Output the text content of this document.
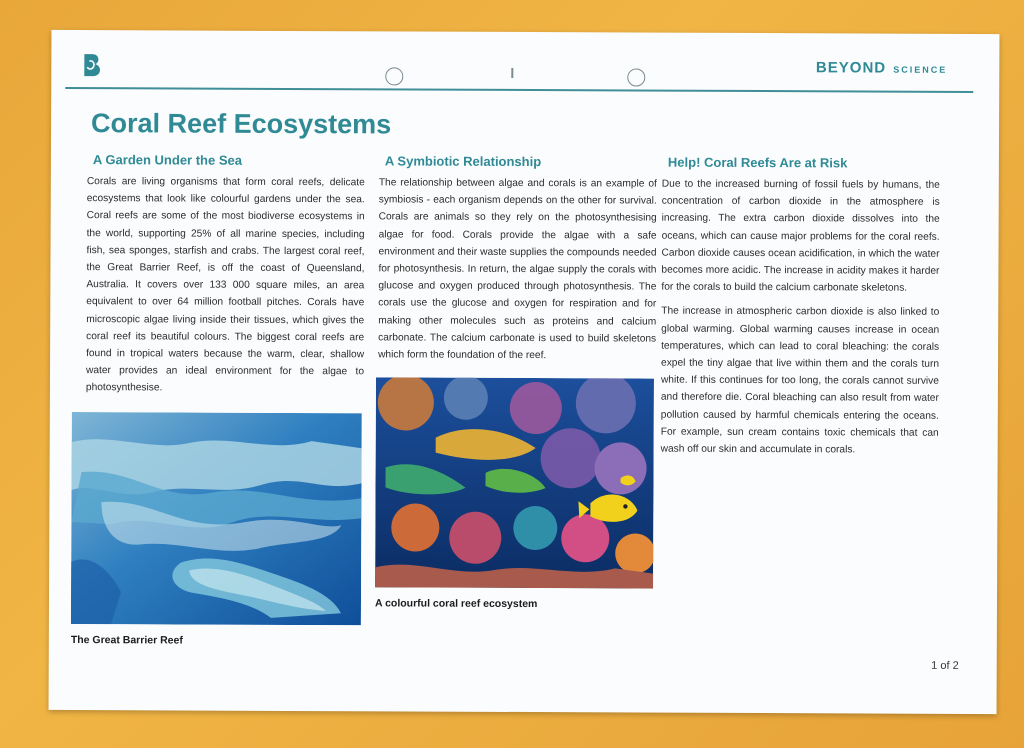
BEYOND SCIENCE
Coral Reef Ecosystems
A Garden Under the Sea

Corals are living organisms that form coral reefs, delicate ecosystems that look like colourful gardens under the sea. Coral reefs are some of the most biodiverse ecosystems in the world, supporting 25% of all marine species, including fish, sea sponges, starfish and crabs. The largest coral reef, the Great Barrier Reef, is off the coast of Queensland, Australia. It covers over 133 000 square miles, an area equivalent to over 64 million football pitches. Corals have microscopic algae living inside their tissues, which gives the coral reef its beautiful colours. The biggest coral reefs are found in tropical waters because the warm, clear, shallow water provides an ideal environment for the algae to photosynthesise.

A Symbiotic Relationship

The relationship between algae and corals is an example of symbiosis - each organism depends on the other for survival. Corals are animals so they rely on the photosynthesising algae for food. Corals provide the algae with a safe environment and their waste supplies the compounds needed for photosynthesis. In return, the algae supply the corals with glucose and oxygen produced through photosynthesis. The corals use the glucose and oxygen for respiration and for making other molecules such as proteins and calcium carbonate. The calcium carbonate is used to build skeletons which form the foundation of the reef.

Help! Coral Reefs Are at Risk

Due to the increased burning of fossil fuels by humans, the concentration of carbon dioxide in the atmosphere is increasing. The extra carbon dioxide dissolves into the oceans, which can cause major problems for the coral reefs. Carbon dioxide causes ocean acidification, in which the water becomes more acidic. The increase in acidity makes it harder for the corals to build the calcium carbonate skeletons.

The increase in atmospheric carbon dioxide is also linked to global warming. Global warming causes increase in ocean temperatures, which can lead to coral bleaching: the corals expel the tiny algae that live within them and the corals turn white. If this continues for too long, the corals cannot survive and therefore die. Coral bleaching can also result from water pollution caused by harmful chemicals entering the oceans. For example, sun cream contains toxic chemicals that can wash off our skin and accumulate in corals.

The Great Barrier Reef
A colourful coral reef ecosystem
1 of 2
